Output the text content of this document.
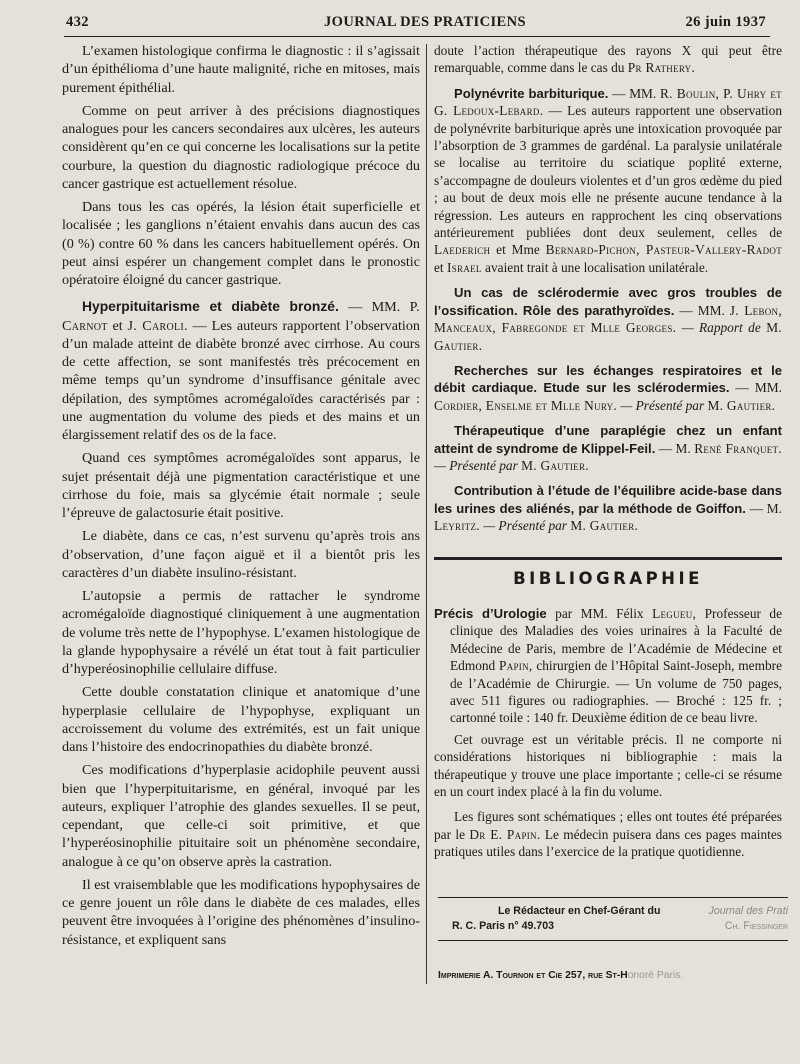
432	JOURNAL DES PRATICIENS	26 juin 1937

L’examen histologique confirma le diagnostic : il s’agissait d’un épithélioma d’une haute malignité, riche en mitoses, mais purement épithélial.

Comme on peut arriver à des précisions diagnostiques analogues pour les cancers secondaires aux ulcères, les auteurs considèrent qu’en ce qui concerne les localisations sur la petite courbure, la question du diagnostic radiologique précoce du cancer gastrique est actuellement résolue.

Dans tous les cas opérés, la lésion était superficielle et localisée ; les ganglions n’étaient envahis dans aucun des cas (0 %) contre 60 % dans les cancers habituellement opérés. On peut ainsi espérer un changement complet dans le pronostic opératoire éloigné du cancer gastrique.

Hyperpituitarisme et diabète bronzé. — MM. P. Carnot et J. Caroli. — Les auteurs rapportent l’observation d’un malade atteint de diabète bronzé avec cirrhose. Au cours de cette affection, se sont manifestés très précocement en même temps qu’un syndrome d’insuffisance génitale avec dépilation, des symptômes acromégaloïdes caractérisés par : une augmentation du volume des pieds et des mains et un élargissement relatif des os de la face.

Quand ces symptômes acromégaloïdes sont apparus, le sujet présentait déjà une pigmentation caractéristique et une cirrhose du foie, mais sa glycémie était normale ; seule l’épreuve de galactosurie était positive.

Le diabète, dans ce cas, n’est survenu qu’après trois ans d’observation, d’une façon aiguë et il a bientôt pris les caractères d’un diabète insulino-résistant.

L’autopsie a permis de rattacher le syndrome acromégaloïde diagnostiqué cliniquement à une augmentation de volume très nette de l’hypophyse. L’examen histologique de la glande hypophysaire a révélé un état tout à fait particulier d’hyperéosinophilie cellulaire diffuse.

Cette double constatation clinique et anatomique d’une hyperplasie cellulaire de l’hypophyse, expliquant un accroissement du volume des extrémités, est un fait unique dans l’histoire des endocrinopathies du diabète bronzé.

Ces modifications d’hyperplasie acidophile peuvent aussi bien que l’hyperpituitarisme, en général, invoqué par les auteurs, expliquer l’atrophie des glandes sexuelles. Il se peut, cependant, que celle-ci soit primitive, et que l’hyperéosinophilie pituitaire soit un phénomène secondaire, analogue à ce qu’on observe après la castration.

Il est vraisemblable que les modifications hypophysaires de ce genre jouent un rôle dans le diabète de ces malades, elles peuvent être invoquées à l’origine des phénomènes d’insulino-résistance, et expliquent sans

doute l’action thérapeutique des rayons X qui peut être remarquable, comme dans le cas du Pr Rathery.

Polynévrite barbiturique. — MM. R. Boulin, P. Uhry et G. Ledoux-Lebard. — Les auteurs rapportent une observation de polynévrite barbiturique après une intoxication provoquée par l’absorption de 3 grammes de gardénal. La paralysie unilatérale se localise au territoire du sciatique poplité externe, s’accompagne de douleurs violentes et d’un gros œdème du pied ; au bout de deux mois elle ne présente aucune tendance à la régression. Les auteurs en rapprochent les cinq observations antérieurement publiées dont deux seulement, celles de Laederich et Mme Bernard-Pichon, Pasteur-Vallery-Radot et Israel avaient trait à une localisation unilatérale.

Un cas de sclérodermie avec gros troubles de l’ossification. Rôle des parathyroïdes. — MM. J. Lebon, Manceaux, Fabregonde et Mlle Georges. — Rapport de M. Gautier.

Recherches sur les échanges respiratoires et le débit cardiaque. Etude sur les sclérodermies. — MM. Cordier, Enselme et Mlle Nury. — Présenté par M. Gautier.

Thérapeutique d’une paraplégie chez un enfant atteint de syndrome de Klippel-Feil. — M. René Franquet. — Présenté par M. Gautier.

Contribution à l’étude de l’équilibre acide-base dans les urines des aliénés, par la méthode de Goiffon. — M. Leyritz. — Présenté par M. Gautier.

BIBLIOGRAPHIE

Précis d’Urologie par MM. Félix Legueu, Professeur de clinique des Maladies des voies urinaires à la Faculté de Médecine de Paris, membre de l’Académie de Médecine et Edmond Papin, chirurgien de l’Hôpital Saint-Joseph, membre de l’Académie de Chirurgie. — Un volume de 750 pages, avec 511 figures ou radiographies. — Broché : 125 fr. ; cartonné toile : 140 fr. Deuxième édition de ce beau livre.

Cet ouvrage est un véritable précis. Il ne comporte ni considérations historiques ni bibliographie : mais la thérapeutique y trouve une place importante ; celle-ci se résume en un court index placé à la fin du volume.

Les figures sont schématiques ; elles ont toutes été préparées par le Dr E. Papin. Le médecin puisera dans ces pages maintes pratiques utiles dans l’exercice de la pratique quotidienne.

Le Rédacteur en Chef-Gérant du	Journal des Prati
R. C. Paris n° 49.703	Ch. Fiessinger
Imprimerie A. Tournon et Cie 257, rue St-Honoré Paris.
